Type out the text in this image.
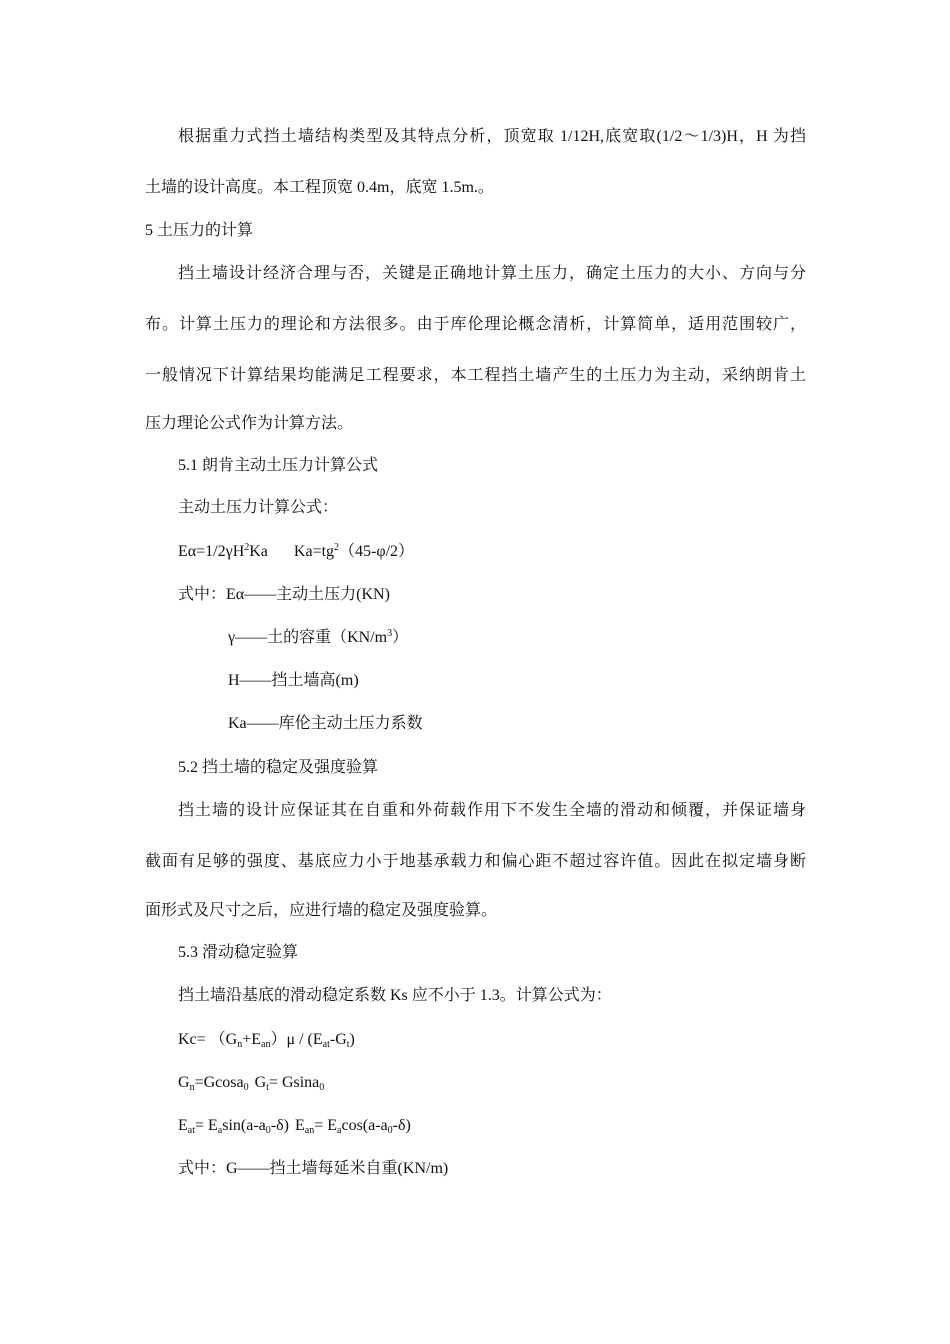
根据重力式挡土墙结构类型及其特点分析，顶宽取 1/12H,底宽取(1/2～1/3)H，H 为挡
土墙的设计高度。本工程顶宽 0.4m，底宽 1.5m.。
5 土压力的计算
挡土墙设计经济合理与否，关键是正确地计算土压力，确定土压力的大小、方向与分
布。计算土压力的理论和方法很多。由于库伦理论概念清析，计算简单，适用范围较广，
一般情况下计算结果均能满足工程要求，本工程挡土墙产生的土压力为主动，采纳朗肯土
压力理论公式作为计算方法。
5.1 朗肯主动土压力计算公式
主动土压力计算公式：
$E\alpha=1/2\gamma H^2Ka$ $Ka=tg^2(45-\varphi/2)$
式中：Eα——主动土压力(KN)
γ——土的容重$(KN/m^3)$
H——挡土墙高(m)
Ka——库伦主动土压力系数
5.2 挡土墙的稳定及强度验算
挡土墙的设计应保证其在自重和外荷载作用下不发生全墙的滑动和倾覆，并保证墙身
截面有足够的强度、基底应力小于地基承载力和偏心距不超过容许值。因此在拟定墙身断
面形式及尺寸之后，应进行墙的稳定及强度验算。
5.3 滑动稳定验算
挡土墙沿基底的滑动稳定系数 Ks 应不小于 1.3。计算公式为：
$Kc= (G_n+E_{an})\mu / (E_{at}-G_t)$
$G_n=Gcosa_0$ $G_t= Gsina_0$
$E_{at}= E_a\sin(a-a_0-\delta)$ $E_{an}= E_a\cos(a-a_0-\delta)$
式中：G——挡土墙每延米自重(KN/m)
